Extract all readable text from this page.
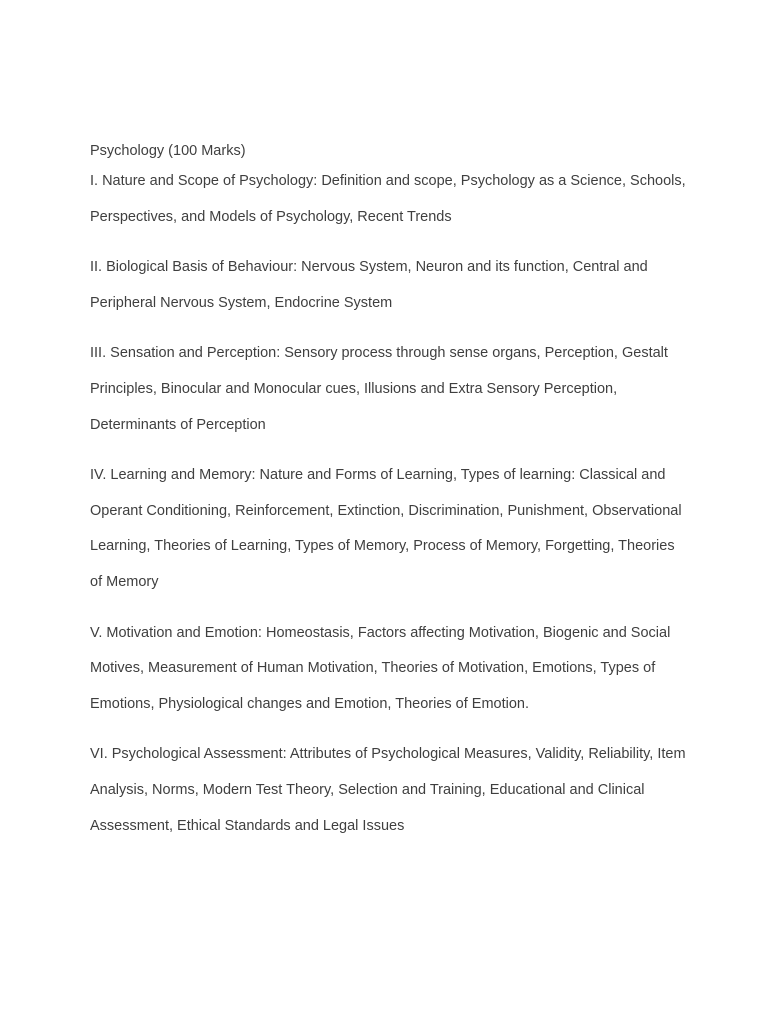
Psychology (100 Marks)

I. Nature and Scope of Psychology: Definition and scope, Psychology as a Science, Schools, Perspectives, and Models of Psychology, Recent Trends

II. Biological Basis of Behaviour: Nervous System, Neuron and its function, Central and Peripheral Nervous System, Endocrine System

III. Sensation and Perception: Sensory process through sense organs, Perception, Gestalt Principles, Binocular and Monocular cues, Illusions and Extra Sensory Perception, Determinants of Perception

IV. Learning and Memory: Nature and Forms of Learning, Types of learning: Classical and Operant Conditioning, Reinforcement, Extinction, Discrimination, Punishment, Observational Learning, Theories of Learning, Types of Memory, Process of Memory, Forgetting, Theories of Memory

V. Motivation and Emotion: Homeostasis, Factors affecting Motivation, Biogenic and Social Motives, Measurement of Human Motivation, Theories of Motivation, Emotions, Types of Emotions, Physiological changes and Emotion, Theories of Emotion.

VI. Psychological Assessment: Attributes of Psychological Measures, Validity, Reliability, Item Analysis, Norms, Modern Test Theory, Selection and Training, Educational and Clinical Assessment, Ethical Standards and Legal Issues
